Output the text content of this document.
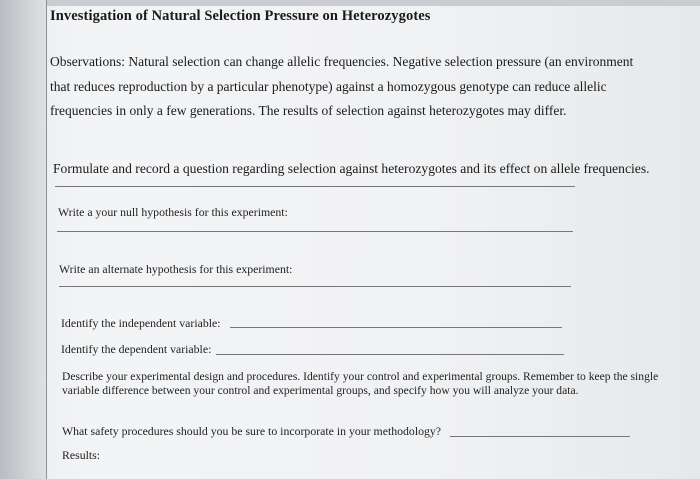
Investigation of Natural Selection Pressure on Heterozygotes
Observations: Natural selection can change allelic frequencies. Negative selection pressure (an environment that reduces reproduction by a particular phenotype) against a homozygous genotype can reduce allelic frequencies in only a few generations. The results of selection against heterozygotes may differ.
Formulate and record a question regarding selection against heterozygotes and its effect on allele frequencies.
Write a your null hypothesis for this experiment:
Write an alternate hypothesis for this experiment:
Identify the independent variable:
Identify the dependent variable:
Describe your experimental design and procedures. Identify your control and experimental groups. Remember to keep the single variable difference between your control and experimental groups, and specify how you will analyze your data.
What safety procedures should you be sure to incorporate in your methodology?
Results:
